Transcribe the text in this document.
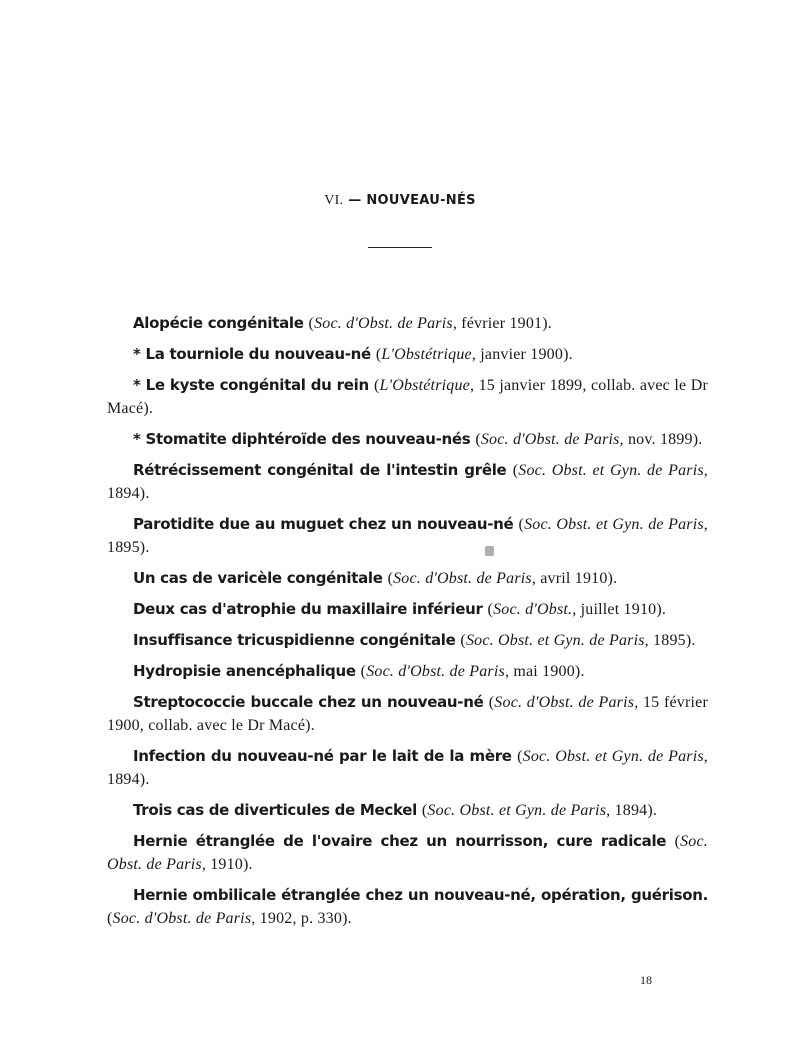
VI. — NOUVEAU-NÉS

Alopécie congénitale (Soc. d'Obst. de Paris, février 1901).

* La tourniole du nouveau-né (L'Obstétrique, janvier 1900).

* Le kyste congénital du rein (L'Obstétrique, 15 janvier 1899, collab. avec le Dr Macé).

* Stomatite diphtéroïde des nouveau-nés (Soc. d'Obst. de Paris, nov. 1899).

Rétrécissement congénital de l'intestin grêle (Soc. Obst. et Gyn. de Paris, 1894).

Parotidite due au muguet chez un nouveau-né (Soc. Obst. et Gyn. de Paris, 1895).

Un cas de varicèle congénitale (Soc. d'Obst. de Paris, avril 1910).

Deux cas d'atrophie du maxillaire inférieur (Soc. d'Obst., juillet 1910).

Insuffisance tricuspidienne congénitale (Soc. Obst. et Gyn. de Paris, 1895).

Hydropisie anencéphalique (Soc. d'Obst. de Paris, mai 1900).

Streptococcie buccale chez un nouveau-né (Soc. d'Obst. de Paris, 15 février 1900, collab. avec le Dr Macé).

Infection du nouveau-né par le lait de la mère (Soc. Obst. et Gyn. de Paris, 1894).

Trois cas de diverticules de Meckel (Soc. Obst. et Gyn. de Paris, 1894).

Hernie étranglée de l'ovaire chez un nourrisson, cure radicale (Soc. Obst. de Paris, 1910).

Hernie ombilicale étranglée chez un nouveau-né, opération, guérison. (Soc. d'Obst. de Paris, 1902, p. 330).

18
